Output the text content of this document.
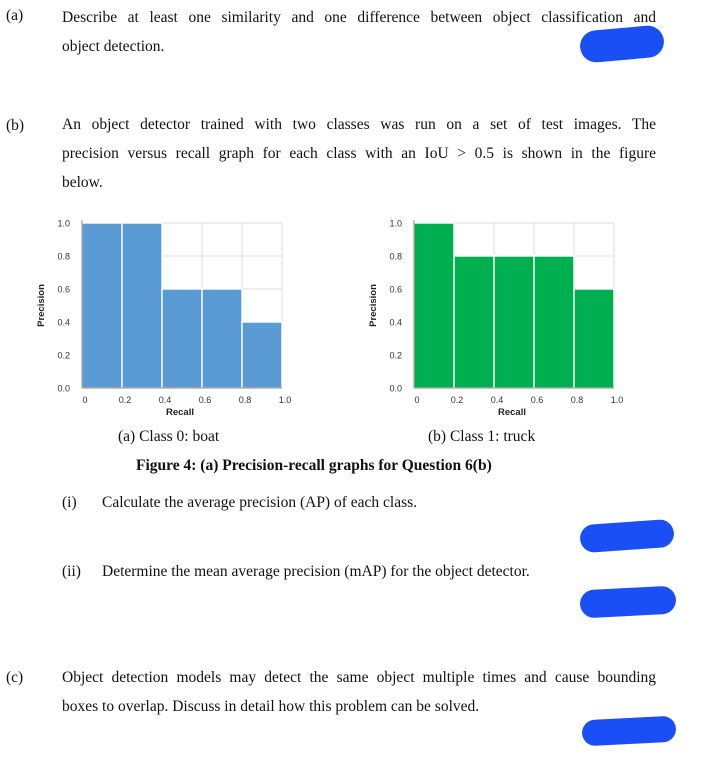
(a)	Describe at least one similarity and one difference between object classification and
object detection.
(b) An object detector trained with two classes was run on a set of test images. The
precision versus recall graph for each class with an IoU > 0.5 is shown in the figure
below.
0.0
0.2
0.4
0.6
0.8
1.0
0	0.2	0.4	0.6	0.8	1.0
Recall
Precision
0.0
0.2
0.4
0.6
0.8
1.0
0	0.2	0.4	0.6	0.8	1.0
Recall
Precision
(a) Class 0: boat	(b) Class 1: truck
Figure 4: (a) Precision-recall graphs for Question 6(b)
(i) Calculate the average precision (AP) of each class.
(ii) Determine the mean average precision (mAP) for the object detector.
(c)	Object detection models may detect the same object multiple times and cause bounding
boxes to overlap. Discuss in detail how this problem can be solved.
